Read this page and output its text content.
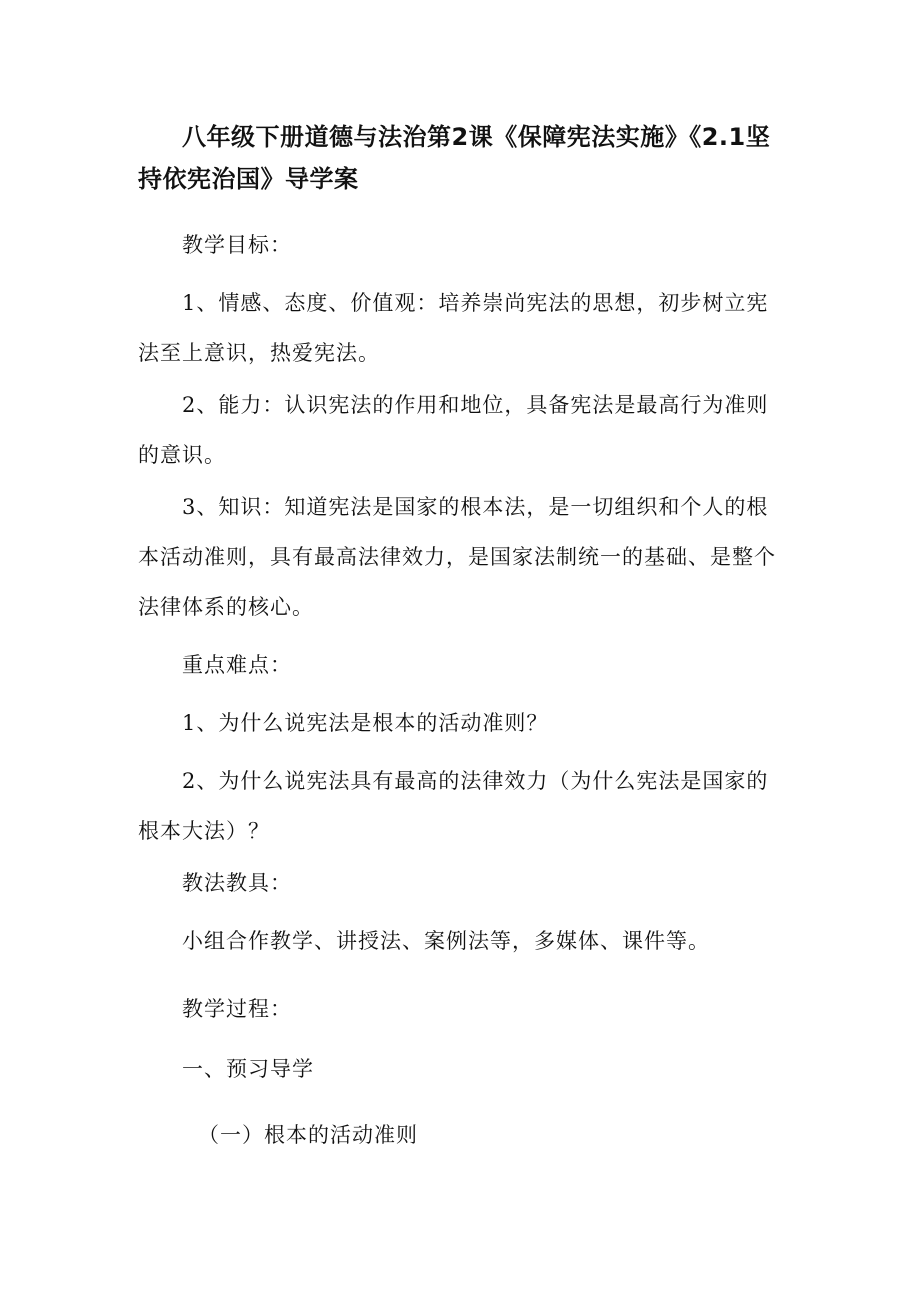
八年级下册道德与法治第2课《保障宪法实施》《2.1坚持依宪治国》导学案

教学目标：

1、情感、态度、价值观：培养崇尚宪法的思想，初步树立宪法至上意识，热爱宪法。

2、能力：认识宪法的作用和地位，具备宪法是最高行为准则的意识。

3、知识：知道宪法是国家的根本法，是一切组织和个人的根本活动准则，具有最高法律效力，是国家法制统一的基础、是整个法律体系的核心。

重点难点：

1、为什么说宪法是根本的活动准则？

2、为什么说宪法具有最高的法律效力（为什么宪法是国家的根本大法）？

教法教具：

小组合作教学、讲授法、案例法等，多媒体、课件等。

教学过程：

一、预习导学

（一）根本的活动准则
